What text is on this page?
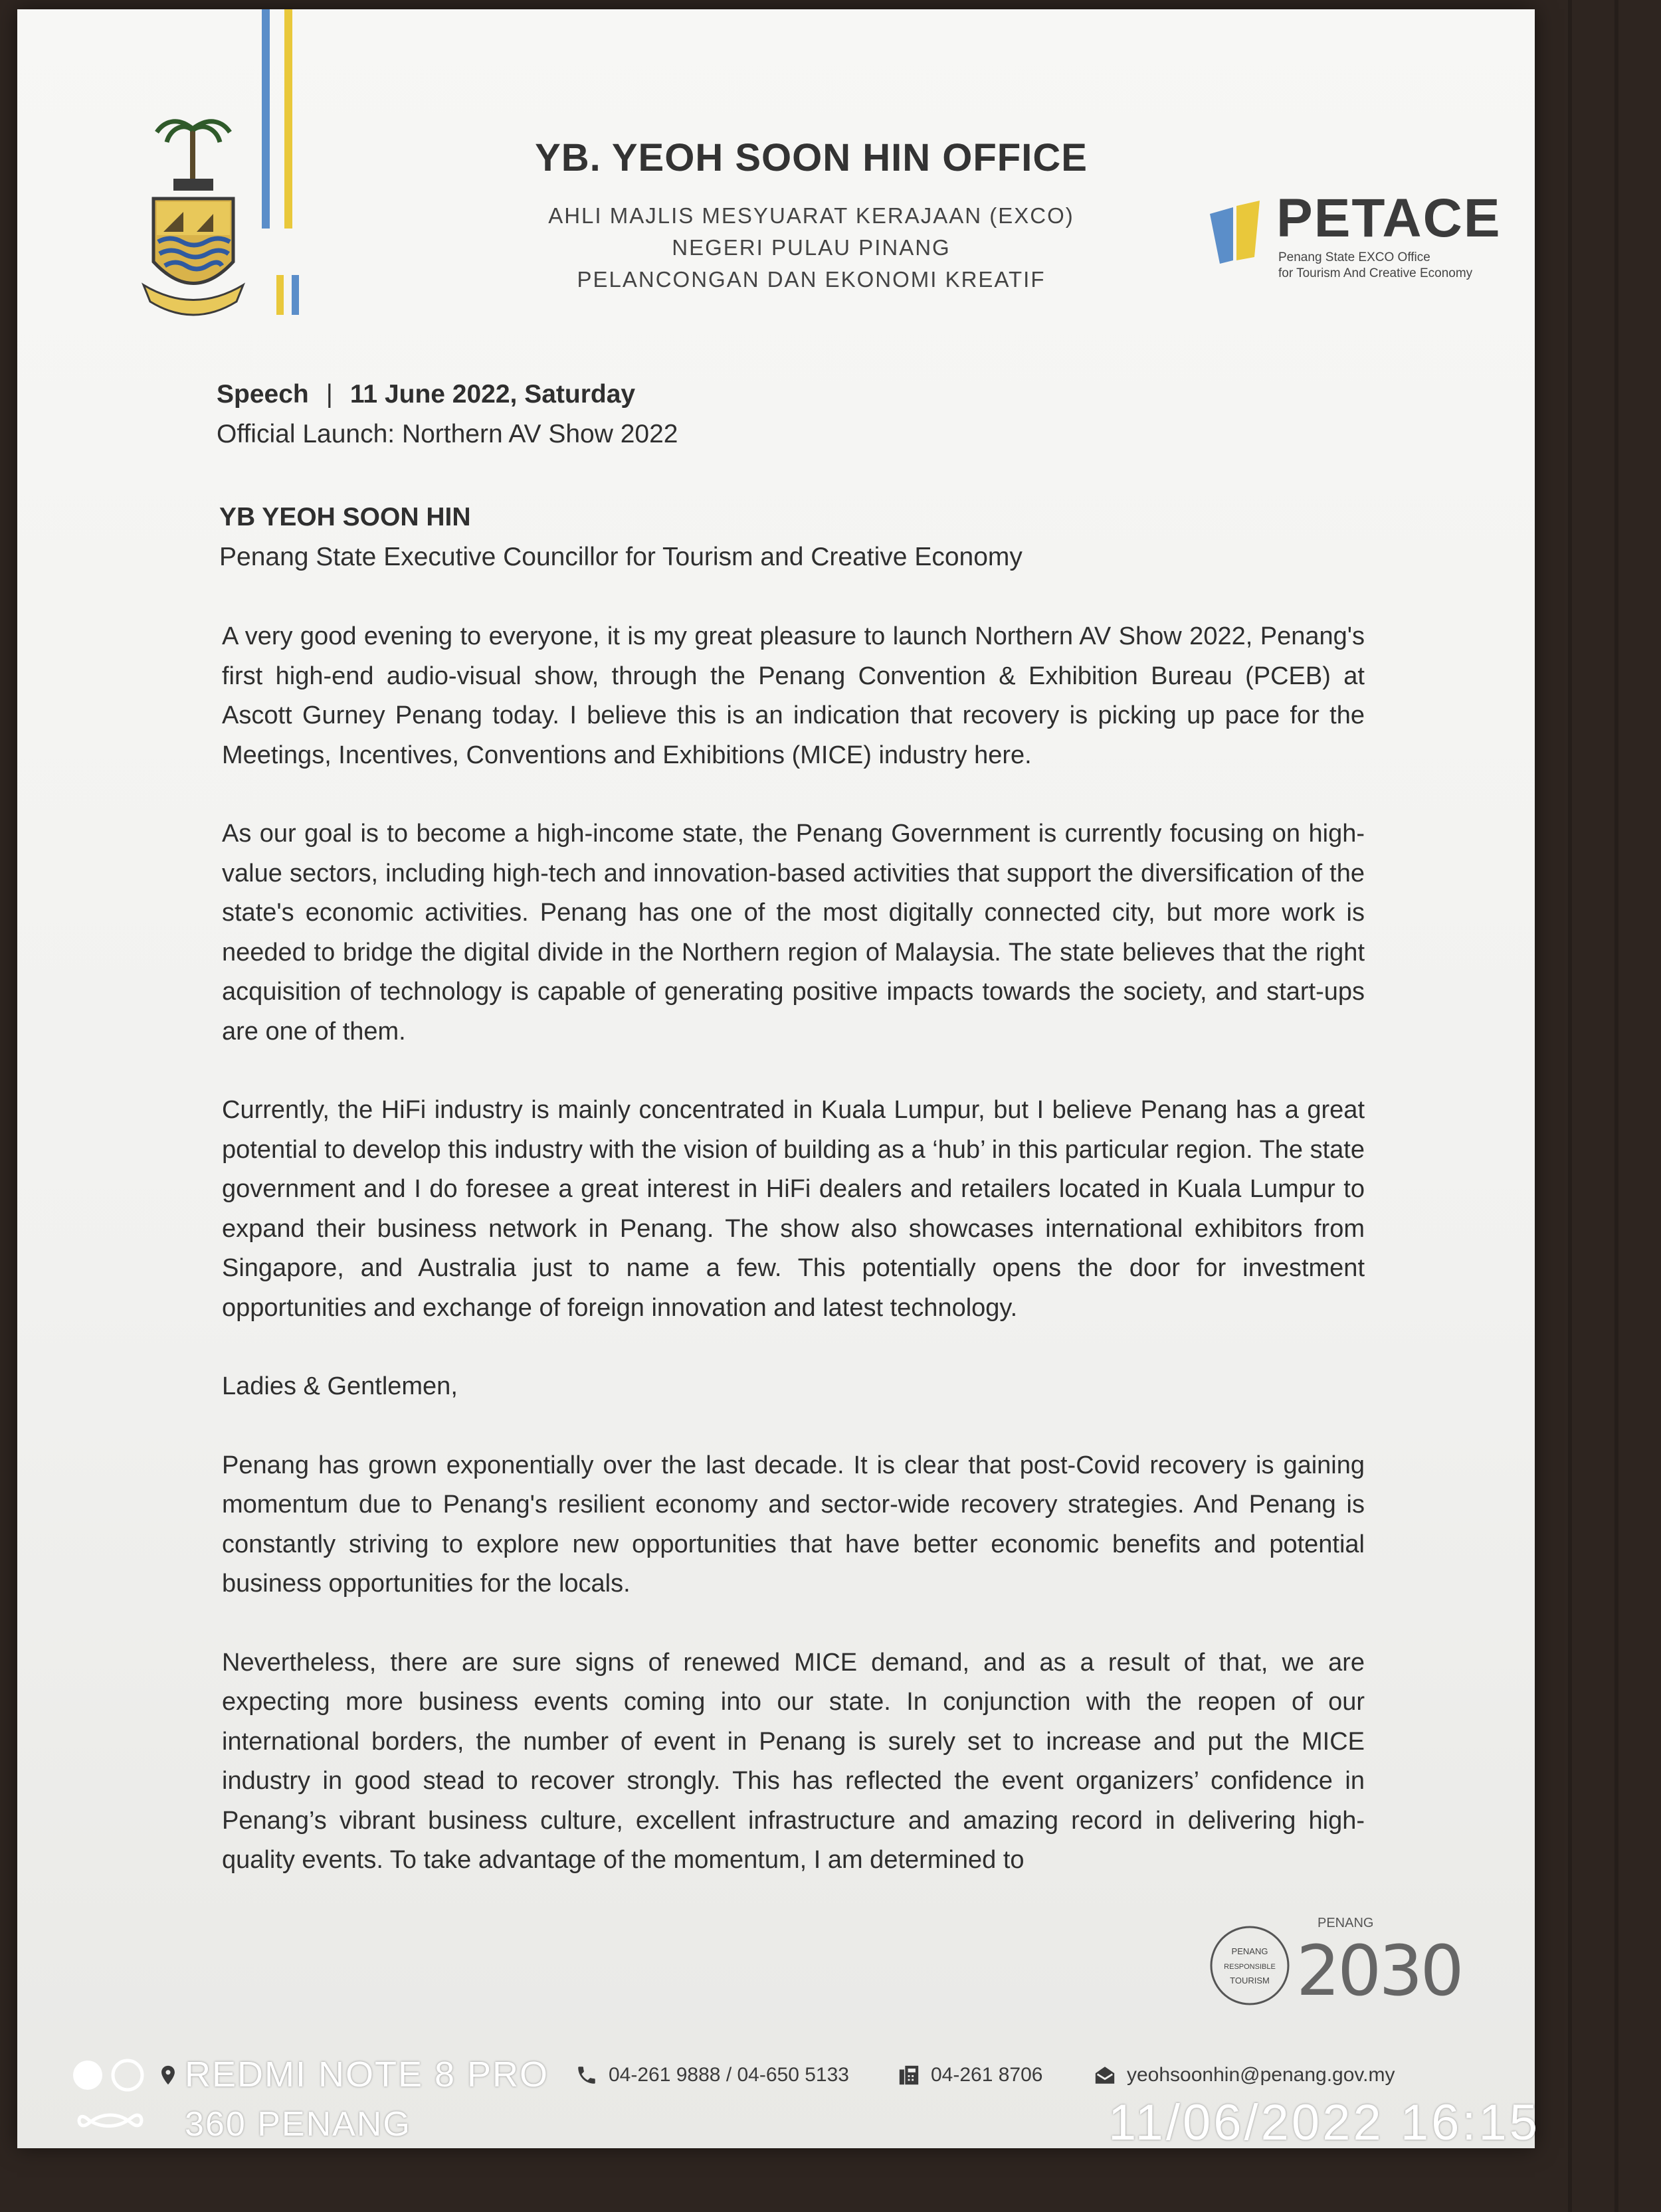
YB. YEOH SOON HIN OFFICE

AHLI MAJLIS MESYUARAT KERAJAAN (EXCO)

NEGERI PULAU PINANG

PELANCONGAN DAN EKONOMI KREATIF

PETACE
Penang State EXCO Office
for Tourism And Creative Economy

Speech | 11 June 2022, Saturday

Official Launch: Northern AV Show 2022

YB YEOH SOON HIN

Penang State Executive Councillor for Tourism and Creative Economy

A very good evening to everyone, it is my great pleasure to launch Northern AV Show 2022, Penang's first high-end audio-visual show, through the Penang Convention & Exhibition Bureau (PCEB) at Ascott Gurney Penang today. I believe this is an indication that recovery is picking up pace for the Meetings, Incentives, Conventions and Exhibitions (MICE) industry here.

As our goal is to become a high-income state, the Penang Government is currently focusing on high-value sectors, including high-tech and innovation-based activities that support the diversification of the state's economic activities. Penang has one of the most digitally connected city, but more work is needed to bridge the digital divide in the Northern region of Malaysia. The state believes that the right acquisition of technology is capable of generating positive impacts towards the society, and start-ups are one of them.

Currently, the HiFi industry is mainly concentrated in Kuala Lumpur, but I believe Penang has a great potential to develop this industry with the vision of building as a ‘hub’ in this particular region. The state government and I do foresee a great interest in HiFi dealers and retailers located in Kuala Lumpur to expand their business network in Penang. The show also showcases international exhibitors from Singapore, and Australia just to name a few. This potentially opens the door for investment opportunities and exchange of foreign innovation and latest technology.

Ladies & Gentlemen,

Penang has grown exponentially over the last decade. It is clear that post-Covid recovery is gaining momentum due to Penang's resilient economy and sector-wide recovery strategies. And Penang is constantly striving to explore new opportunities that have better economic benefits and potential business opportunities for the locals.

Nevertheless, there are sure signs of renewed MICE demand, and as a result of that, we are expecting more business events coming into our state. In conjunction with the reopen of our international borders, the number of event in Penang is surely set to increase and put the MICE industry in good stead to recover strongly. This has reflected the event organizers’ confidence in Penang’s vibrant business culture, excellent infrastructure and amazing record in delivering high-quality events. To take advantage of the momentum, I am determined to

PENANG
RESPONSIBLE
TOURISM
PENANG
2030
04-261 9888 / 04-650 5133	04-261 8706	yeohsoonhin@penang.gov.my
REDMI NOTE 8 PRO
360 PENANG	11/06/2022 16:15
